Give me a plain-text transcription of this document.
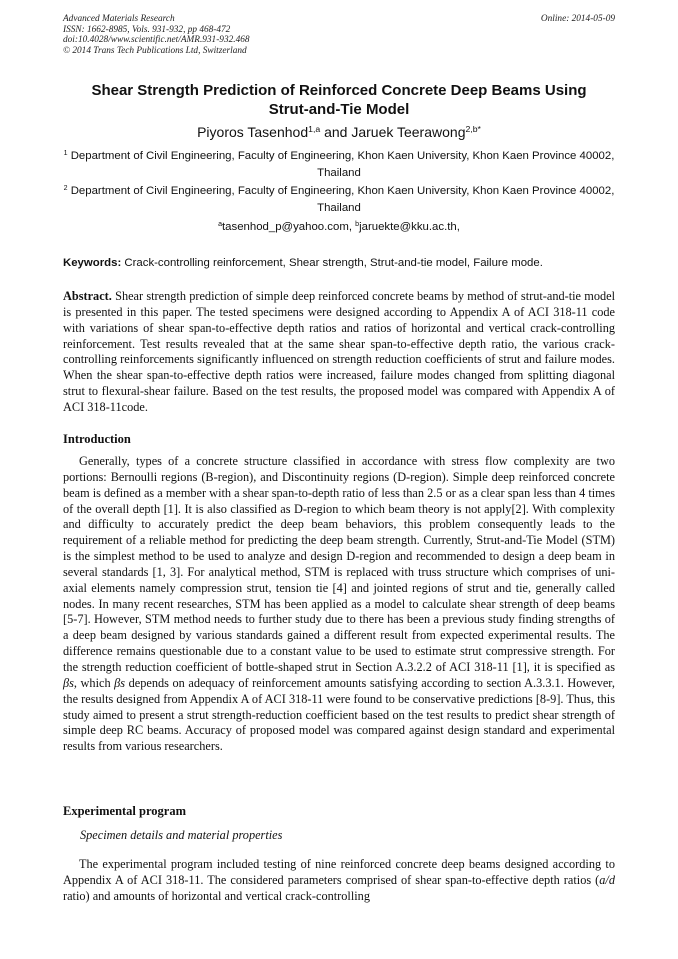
Advanced Materials Research
ISSN: 1662-8985, Vols. 931-932, pp 468-472
doi:10.4028/www.scientific.net/AMR.931-932.468
© 2014 Trans Tech Publications Ltd, Switzerland
Online: 2014-05-09
Shear Strength Prediction of Reinforced Concrete Deep Beams Using
Strut-and-Tie Model
Piyoros Tasenhod$^{1,a}$ and Jaruek Teerawong$^{2,b*}$
$^1$ Department of Civil Engineering, Faculty of Engineering, Khon Kaen University, Khon Kaen Province 40002, Thailand
$^2$ Department of Civil Engineering, Faculty of Engineering, Khon Kaen University, Khon Kaen Province 40002, Thailand
$^a$tasenhod_p@yahoo.com, $^b$jaruekte@kku.ac.th,
Keywords: Crack-controlling reinforcement, Shear strength, Strut-and-tie model, Failure mode.
Abstract. Shear strength prediction of simple deep reinforced concrete beams by method of strut-and-tie model is presented in this paper. The tested specimens were designed according to Appendix A of ACI 318-11 code with variations of shear span-to-effective depth ratios and ratios of horizontal and vertical crack-controlling reinforcement. Test results revealed that at the same shear span-to-effective depth ratio, the various crack-controlling reinforcements significantly influenced on strength reduction coefficients of strut and failure modes. When the shear span-to-effective depth ratios were increased, failure modes changed from splitting diagonal strut to flexural-shear failure. Based on the test results, the proposed model was compared with Appendix A of ACI 318-11code.
Introduction
Generally, types of a concrete structure classified in accordance with stress flow complexity are two portions: Bernoulli regions (B-region), and Discontinuity regions (D-region). Simple deep reinforced concrete beam is defined as a member with a shear span-to-depth ratio of less than 2.5 or as a clear span less than 4 times of the overall depth [1]. It is also classified as D-region to which beam theory is not apply[2]. With complexity and difficulty to accurately predict the deep beam behaviors, this problem consequently leads to the requirement of a reliable method for predicting the deep beam strength. Currently, Strut-and-Tie Model (STM) is the simplest method to be used to analyze and design D-region and recommended to design a deep beam in several standards [1, 3]. For analytical method, STM is replaced with truss structure which comprises of uni-axial elements namely compression strut, tension tie [4] and jointed regions of strut and tie, generally called nodes. In many recent researches, STM has been applied as a model to calculate shear strength of deep beams [5-7]. However, STM method needs to further study due to there has been a previous study finding strengths of a deep beam designed by various standards gained a different result from expected experimental results. The difference remains questionable due to a constant value to be used to estimate strut compressive strength. For the strength reduction coefficient of bottle-shaped strut in Section A.3.2.2 of ACI 318-11 [1], it is specified as βs, which βs depends on adequacy of reinforcement amounts satisfying according to section A.3.3.1. However, the results designed from Appendix A of ACI 318-11 were found to be conservative predictions [8-9]. Thus, this study aimed to present a strut strength-reduction coefficient based on the test results to predict shear strength of simple deep RC beams. Accuracy of proposed model was compared against design standard and experimental results from various researchers.
Experimental program
Specimen details and material properties
The experimental program included testing of nine reinforced concrete deep beams designed according to Appendix A of ACI 318-11. The considered parameters comprised of shear span-to-effective depth ratios (a/d ratio) and amounts of horizontal and vertical crack-controlling
